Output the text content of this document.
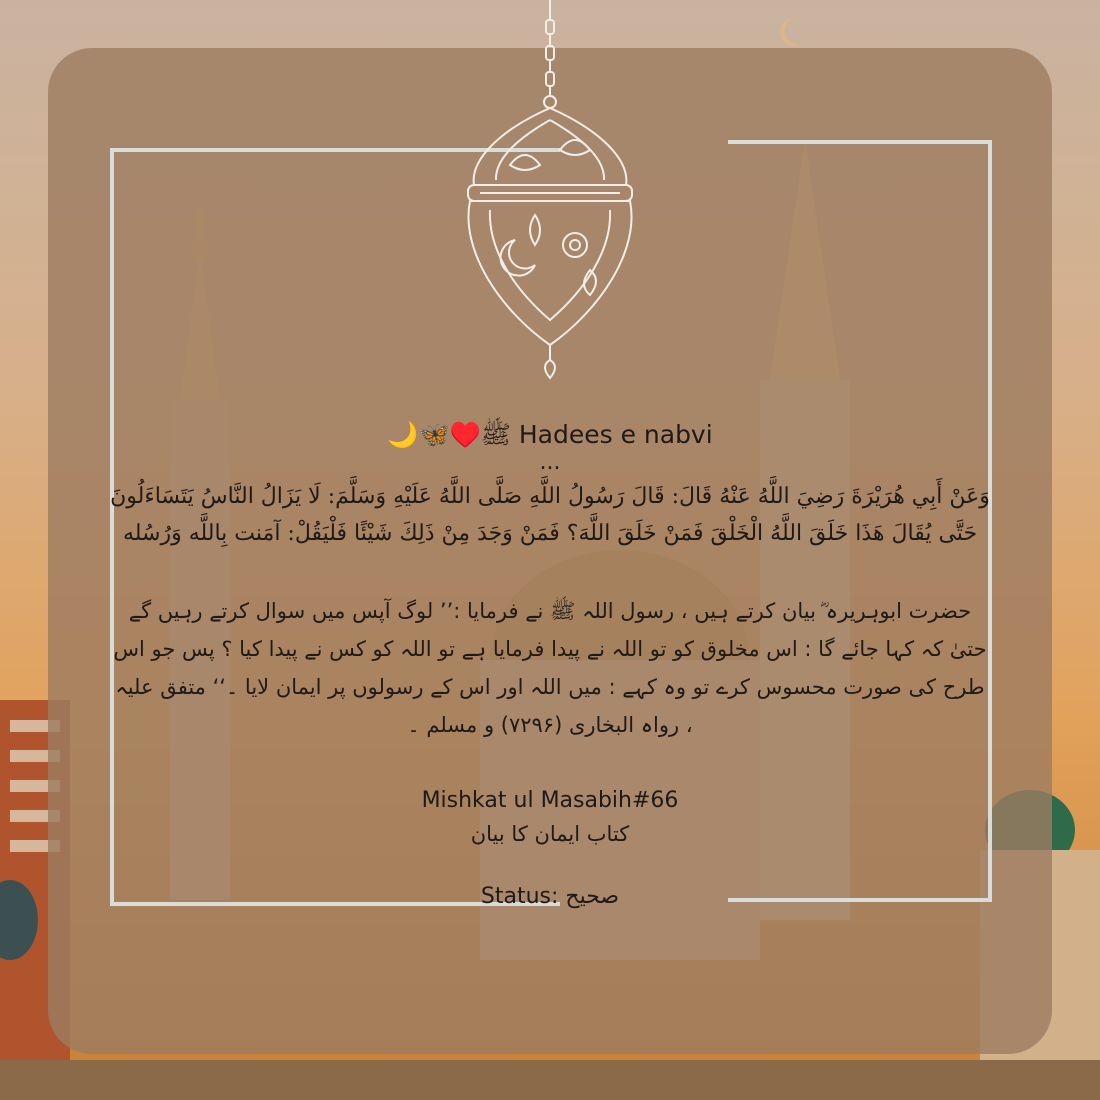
🌙🦋♥️ﷺ Hadees e nabvi

...

وَعَنْ أَبِي هُرَيْرَةَ رَضِيَ اللَّهُ عَنْهُ قَالَ: قَالَ رَسُولُ اللَّهِ صَلَّى اللَّهُ عَلَيْهِ وَسَلَّمَ: لَا يَزَالُ النَّاسُ يَتَسَاءَلُونَ حَتَّى يُقَالَ هَذَا خَلَقَ اللَّهُ الْخَلْقَ فَمَنْ خَلَقَ اللَّهَ؟ فَمَنْ وَجَدَ مِنْ ذَلِكَ شَيْئًا فَلْيَقُلْ: آمَنت بِاللَّه وَرُسُله

حضرت ابوہریرہ ؓ بیان کرتے ہیں ، رسول اللہ ﷺ نے فرمایا :’’ لوگ آپس میں سوال کرتے رہیں گے حتیٰ کہ کہا جائے گا : اس مخلوق کو تو اللہ نے پیدا فرمایا ہے تو اللہ کو کس نے پیدا کیا ؟ پس جو اس طرح کی صورت محسوس کرے تو وہ کہے : میں اللہ اور اس کے رسولوں پر ایمان لایا ۔‘‘ متفق علیہ ، رواہ البخاری (۷۲۹۶) و مسلم ۔

Mishkat ul Masabih#66

کتاب ایمان کا بیان

Status: صحیح
